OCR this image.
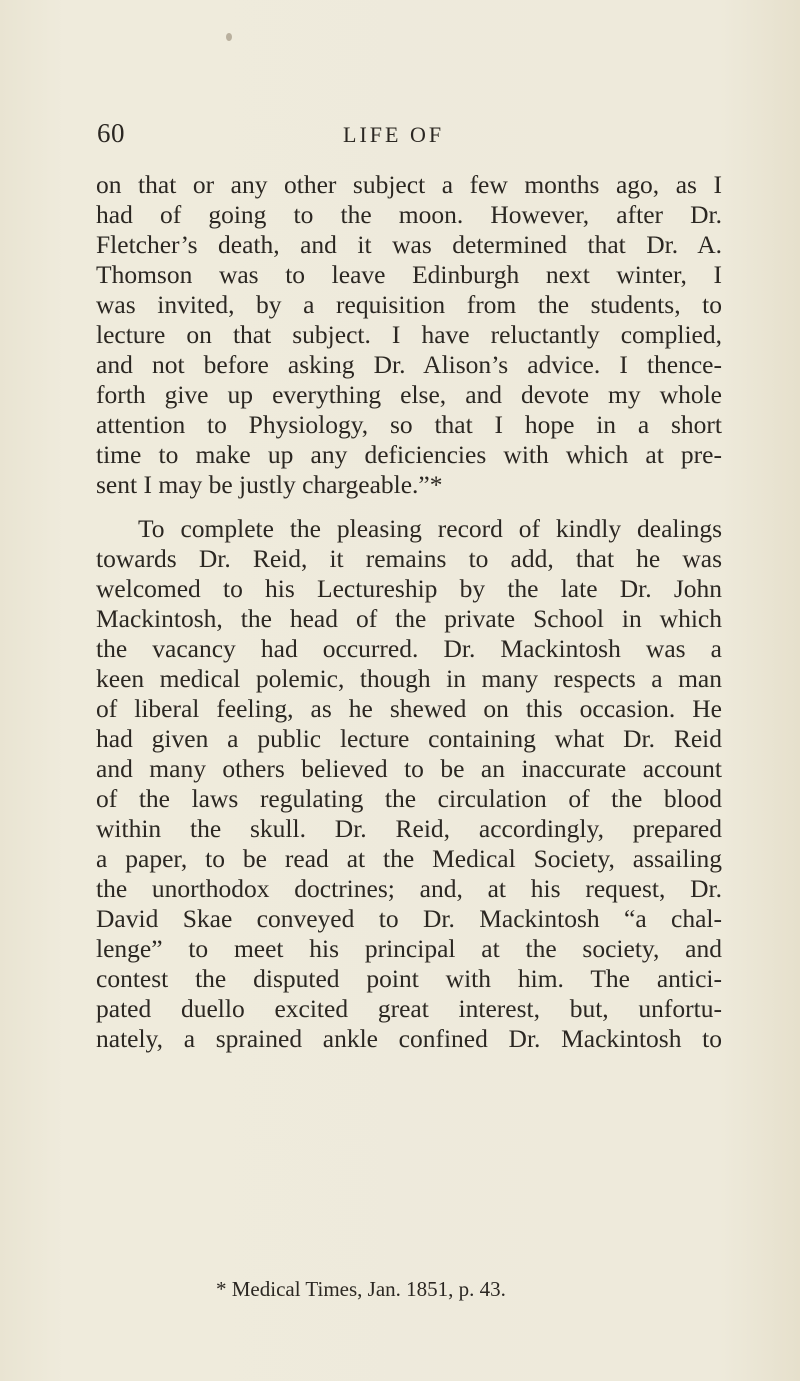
60	LIFE OF
on that or any other subject a few months ago, as I
had of going to the moon. However, after Dr.
Fletcher’s death, and it was determined that Dr. A.
Thomson was to leave Edinburgh next winter, I
was invited, by a requisition from the students, to
lecture on that subject. I have reluctantly complied,
and not before asking Dr. Alison’s advice. I thence-
forth give up everything else, and devote my whole
attention to Physiology, so that I hope in a short
time to make up any deficiencies with which at pre-
sent I may be justly chargeable.”*
To complete the pleasing record of kindly dealings
towards Dr. Reid, it remains to add, that he was
welcomed to his Lectureship by the late Dr. John
Mackintosh, the head of the private School in which
the vacancy had occurred. Dr. Mackintosh was a
keen medical polemic, though in many respects a man
of liberal feeling, as he shewed on this occasion. He
had given a public lecture containing what Dr. Reid
and many others believed to be an inaccurate account
of the laws regulating the circulation of the blood
within the skull. Dr. Reid, accordingly, prepared
a paper, to be read at the Medical Society, assailing
the unorthodox doctrines; and, at his request, Dr.
David Skae conveyed to Dr. Mackintosh “a chal-
lenge” to meet his principal at the society, and
contest the disputed point with him. The antici-
pated duello excited great interest, but, unfortu-
nately, a sprained ankle confined Dr. Mackintosh to
* Medical Times, Jan. 1851, p. 43.
